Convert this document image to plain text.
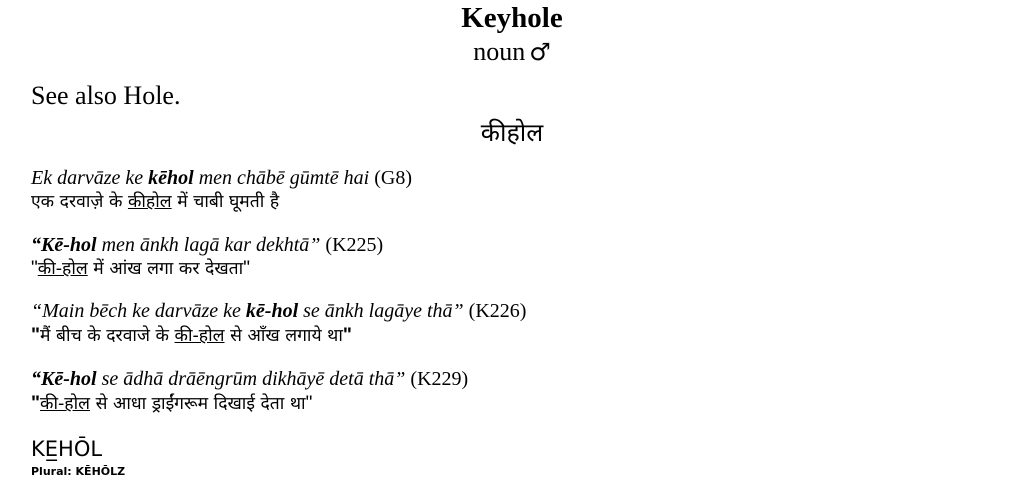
Keyhole
noun ♂
See also Hole.
कीहोल
Ek darvāze ke kēhol men chābē gūmtē hai (G8)
एक दरवाज़े के कीहोल में चाबी घूमती है
“Kē-hol men ānkh lagā kar dekhtā” (K225)
"की-होल में आंख लगा कर देखता"
“Main bēch ke darvāze ke kē-hol se ānkh lagāye thā” (K226)
"मैं बीच के दरवाजे के की-होल से आँख लगाये था"
“Kē-hol se ādhā drāēngrūm dikhāyē detā thā” (K229)
"की-होल से आधा ड्राईंगरूम दिखाई देता था"
KE̲HŌL
Plural: KĒHŌLZ
